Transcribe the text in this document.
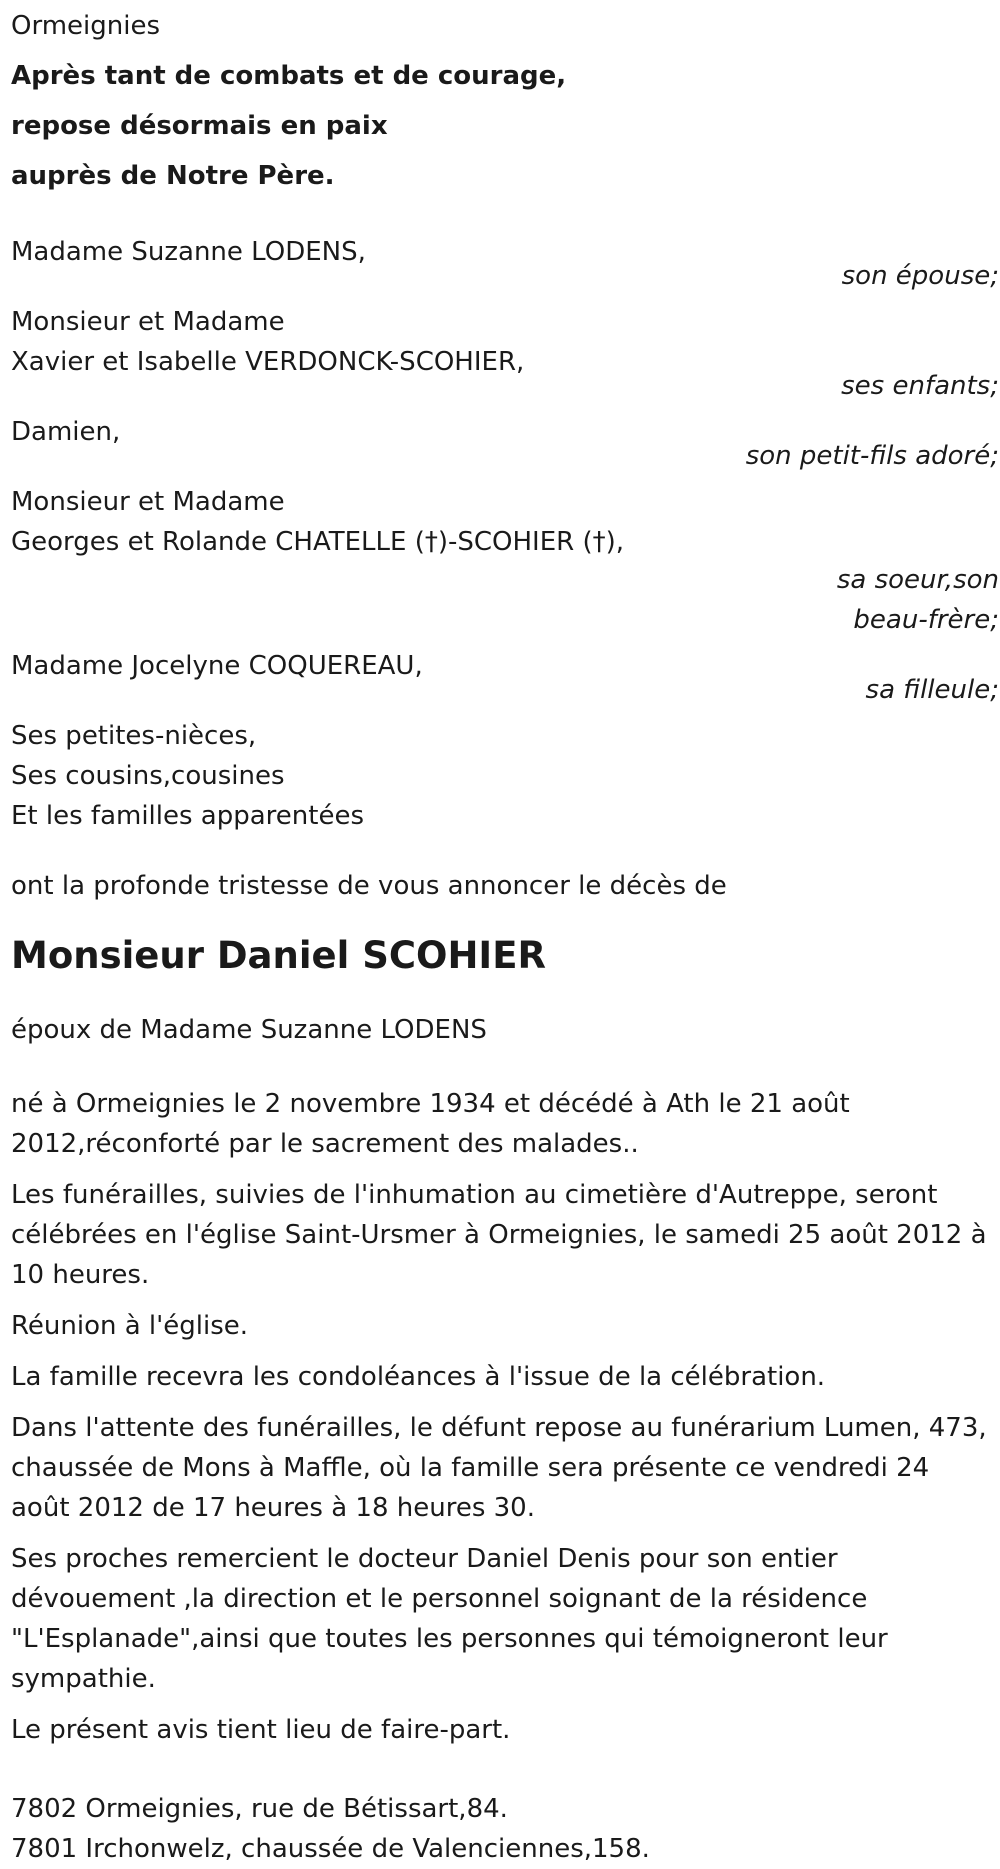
Ormeignies
Après tant de combats et de courage,
repose désormais en paix
auprès de Notre Père.
Madame Suzanne LODENS,
son épouse;
Monsieur et Madame
Xavier et Isabelle VERDONCK-SCOHIER,
ses enfants;
Damien,
son petit-fils adoré;
Monsieur et Madame
Georges et Rolande CHATELLE (†)-SCOHIER (†),
sa soeur,son
beau-frère;
Madame Jocelyne COQUEREAU,
sa filleule;
Ses petites-nièces,
Ses cousins,cousines
Et les familles apparentées
ont la profonde tristesse de vous annoncer le décès de
Monsieur Daniel SCOHIER
époux de Madame Suzanne LODENS
né à Ormeignies le 2 novembre 1934 et décédé à Ath le 21 août 2012,réconforté par le sacrement des malades..
Les funérailles, suivies de l'inhumation au cimetière d'Autreppe, seront célébrées en l'église Saint-Ursmer à Ormeignies, le samedi 25 août 2012 à 10 heures.
Réunion à l'église.
La famille recevra les condoléances à l'issue de la célébration.
Dans l'attente des funérailles, le défunt repose au funérarium Lumen, 473, chaussée de Mons à Maffle, où la famille sera présente ce vendredi 24 août 2012 de 17 heures à 18 heures 30.
Ses proches remercient le docteur Daniel Denis pour son entier dévouement ,la direction et le personnel soignant de la résidence "L'Esplanade",ainsi que toutes les personnes qui témoigneront leur sympathie.
Le présent avis tient lieu de faire-part.
7802 Ormeignies, rue de Bétissart,84.
7801 Irchonwelz, chaussée de Valenciennes,158.
